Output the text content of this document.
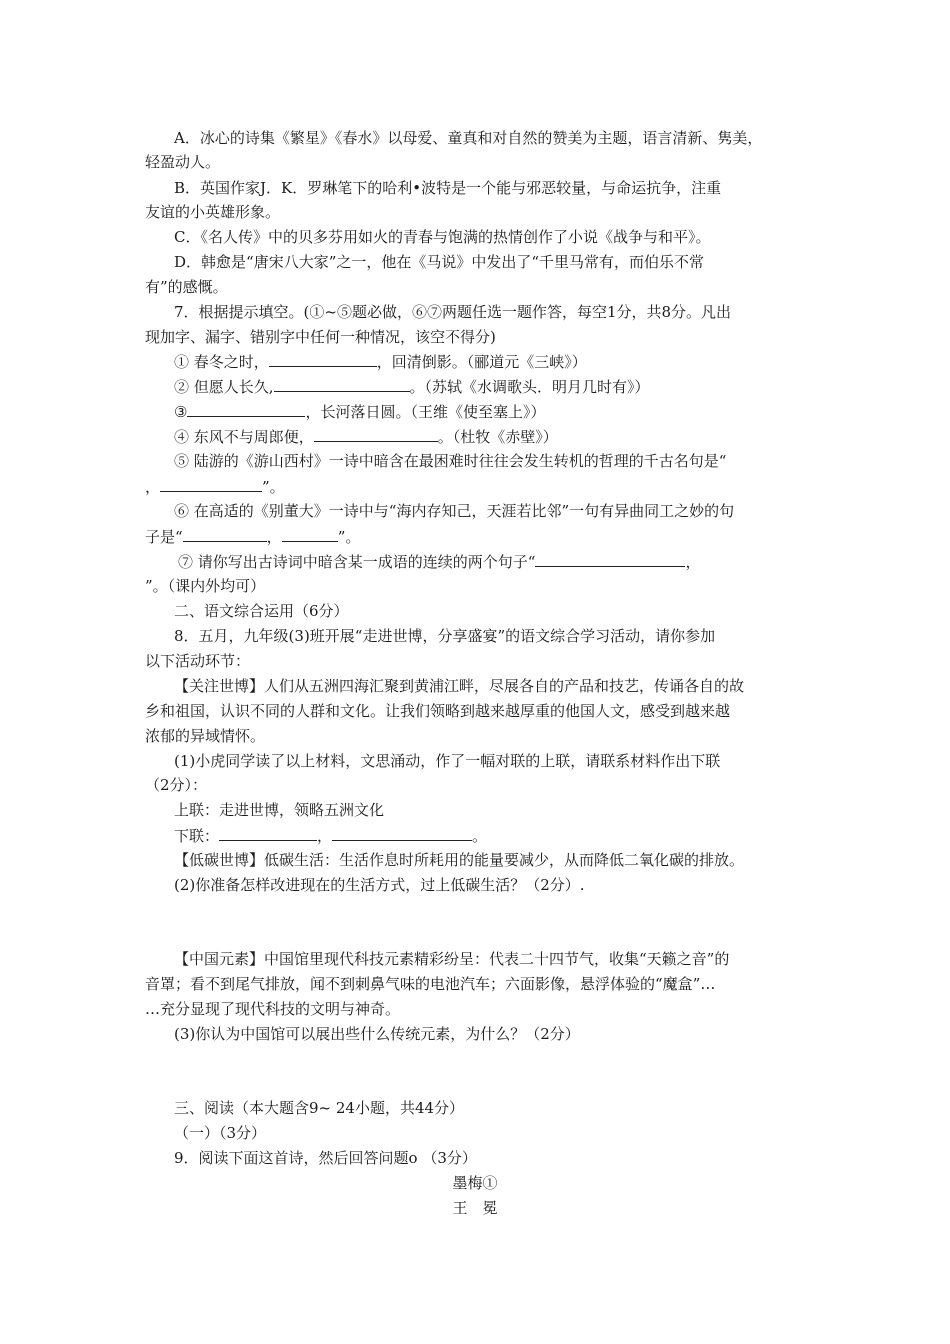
A．冰心的诗集《繁星》《春水》以母爱、童真和对自然的赞美为主题，语言清新、隽美，
轻盈动人。
B．英国作家J．K．罗琳笔下的哈利•波特是一个能与邪恶较量，与命运抗争，注重
友谊的小英雄形象。
C．《名人传》中的贝多芬用如火的青春与饱满的热情创作了小说《战争与和平》。
D．韩愈是“唐宋八大家”之一，他在《马说》中发出了“千里马常有，而伯乐不常
有”的感慨。
7．根据提示填空。(①~⑤题必做，⑥⑦两题任选一题作答，每空1分，共8分。凡出
现加字、漏字、错别字中任何一种情况，该空不得分)
① 春冬之时，	，回清倒影。（郦道元《三峡》）
② 但愿人长久,	。（苏轼《水调歌头．明月几时有》）
③	，长河落日圆。（王维《使至塞上》）
④ 东风不与周郎便，	。（杜牧《赤壁》）
⑤ 陆游的《游山西村》一诗中暗含在最困难时往往会发生转机的哲理的千古名句是“
，	”。
⑥ 在高适的《别董大》一诗中与“海内存知己，天涯若比邻”一句有异曲同工之妙的句
子是“	，	”。
⑦ 请你写出古诗词中暗含某一成语的连续的两个句子“	，
”。（课内外均可）
二、语文综合运用（6分）
8．五月，九年级(3)班开展“走进世博，分享盛宴”的语文综合学习活动，请你参加
以下活动环节：
【关注世博】人们从五洲四海汇聚到黄浦江畔，尽展各自的产品和技艺，传诵各自的故
乡和祖国，认识不同的人群和文化。让我们领略到越来越厚重的他国人文，感受到越来越
浓郁的异域情怀。
(1)小虎同学读了以上材料，文思涌动，作了一幅对联的上联，请联系材料作出下联
（2分）：
上联：走进世博，领略五洲文化
下联：	，	。
【低碳世博】低碳生活：生活作息时所耗用的能量要减少，从而降低二氧化碳的排放。
(2)你准备怎样改进现在的生活方式，过上低碳生活？（2分）.
【中国元素】中国馆里现代科技元素精彩纷呈：代表二十四节气，收集“天籁之音”的
音罩；看不到尾气排放，闻不到刺鼻气味的电池汽车；六面影像，悬浮体验的“魔盒”…
…充分显现了现代科技的文明与神奇。
(3)你认为中国馆可以展出些什么传统元素，为什么？（2分）
三、阅读（本大题含9~ 24小题，共44分）
（一）（3分）
9．阅读下面这首诗，然后回答问题o （3分）
墨梅①
王　冕
